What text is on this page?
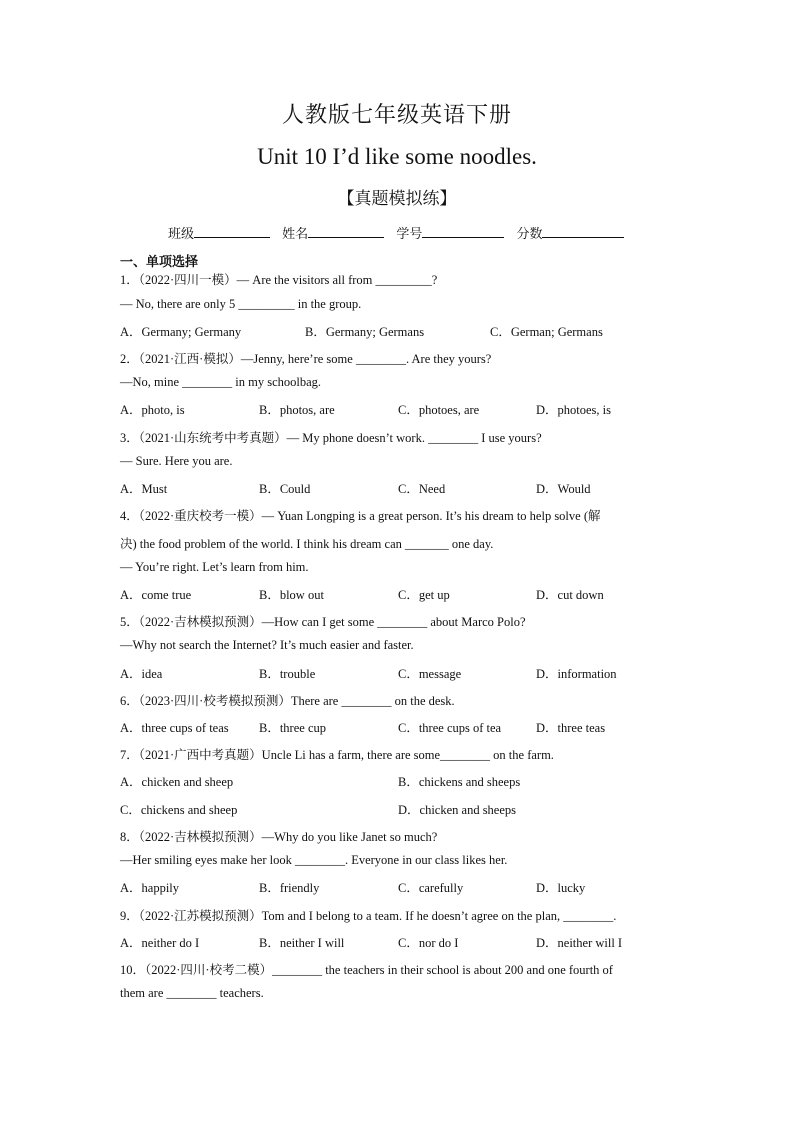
人教版七年级英语下册
Unit 10 I’d like some noodles.
【真题模拟练】
班级	姓名	学号	分数
一、单项选择
1．（2022·四川一模）— Are the visitors all from _________?
— No, there are only 5 _________ in the group.
A．Germany; Germany	B．Germany; Germans	C．German; Germans
2．（2021·江西·模拟）—Jenny, here’re some ________. Are they yours?
—No, mine ________ in my schoolbag.
A．photo, is	B．photos, are	C．photoes, are	D．photoes, is
3．（2021·山东统考中考真题）— My phone doesn’t work. ________ I use yours?
— Sure. Here you are.
A．Must	B．Could	C．Need	D．Would
4．（2022·重庆校考一模）— Yuan Longping is a great person. It’s his dream to help solve (解
决) the food problem of the world. I think his dream can _______ one day.
— You’re right. Let’s learn from him.
A．come true	B．blow out	C．get up	D．cut down
5．（2022·吉林模拟预测）—How can I get some ________ about Marco Polo?
—Why not search the Internet? It’s much easier and faster.
A．idea	B．trouble	C．message	D．information
6．（2023·四川·校考模拟预测）There are ________ on the desk.
A．three cups of teas B．three cup	C．three cups of tea	D．three teas
7．（2021·广西中考真题）Uncle Li has a farm, there are some________ on the farm.
A．chicken and sheep	B．chickens and sheeps
C．chickens and sheep	D．chicken and sheeps
8．（2022·吉林模拟预测）—Why do you like Janet so much?
—Her smiling eyes make her look ________. Everyone in our class likes her.
A．happily	B．friendly	C．carefully	D．lucky
9．（2022·江苏模拟预测）Tom and I belong to a team. If he doesn’t agree on the plan, ________.
A．neither do I	B．neither I will	C．nor do I	D．neither will I
10．（2022·四川·校考二模）________ the teachers in their school is about 200 and one fourth of
them are ________ teachers.
